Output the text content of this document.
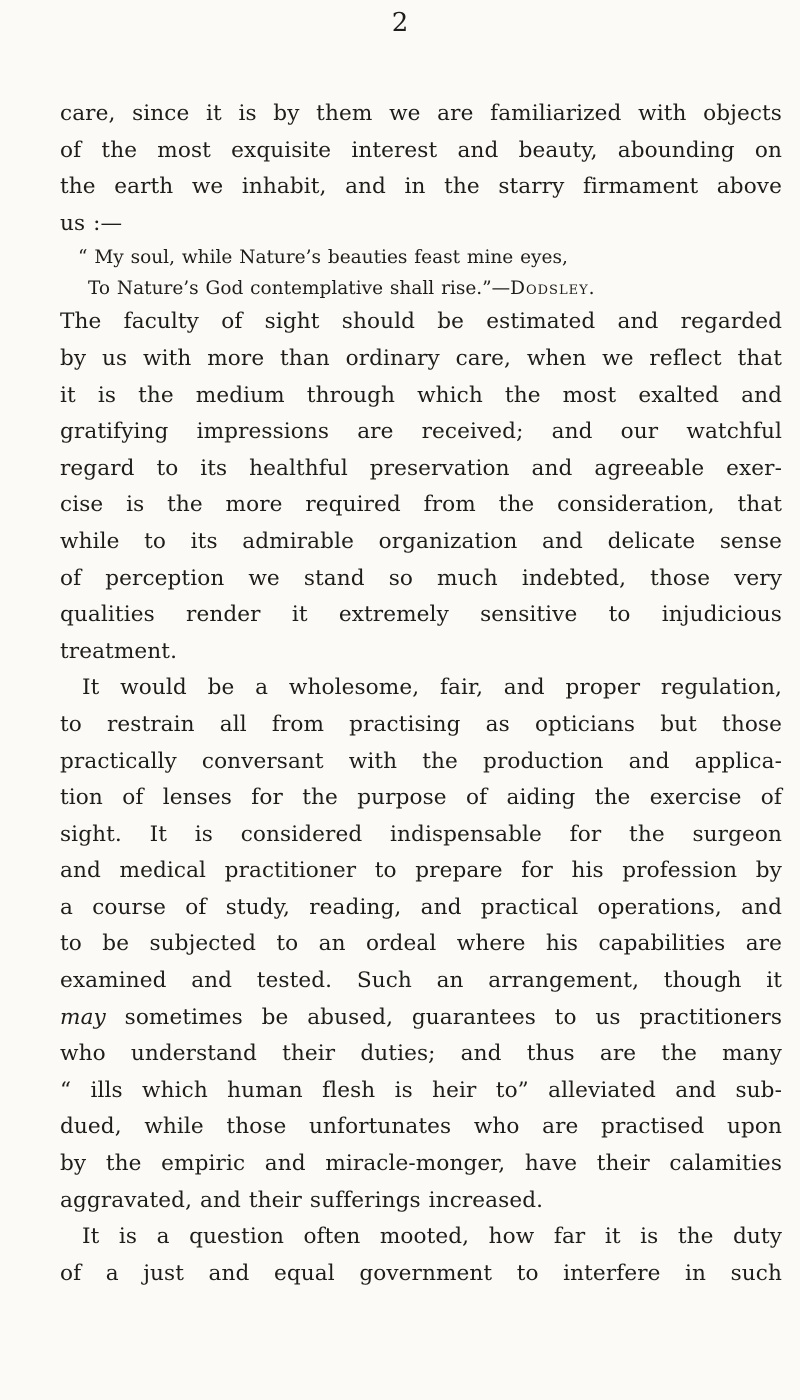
2
care, since it is by them we are familiarized with objects
of the most exquisite interest and beauty, abounding on
the earth we inhabit, and in the starry firmament above
us :—
“ My soul, while Nature’s beauties feast mine eyes,
To Nature’s God contemplative shall rise.”—Dodsley.
The faculty of sight should be estimated and regarded
by us with more than ordinary care, when we reflect that
it is the medium through which the most exalted and
gratifying impressions are received; and our watchful
regard to its healthful preservation and agreeable exer-
cise is the more required from the consideration, that
while to its admirable organization and delicate sense
of perception we stand so much indebted, those very
qualities render it extremely sensitive to injudicious
treatment.
It would be a wholesome, fair, and proper regulation,
to restrain all from practising as opticians but those
practically conversant with the production and applica-
tion of lenses for the purpose of aiding the exercise of
sight. It is considered indispensable for the surgeon
and medical practitioner to prepare for his profession by
a course of study, reading, and practical operations, and
to be subjected to an ordeal where his capabilities are
examined and tested. Such an arrangement, though it
may sometimes be abused, guarantees to us practitioners
who understand their duties; and thus are the many
“ ills which human flesh is heir to” alleviated and sub-
dued, while those unfortunates who are practised upon
by the empiric and miracle-monger, have their calamities
aggravated, and their sufferings increased.
It is a question often mooted, how far it is the duty
of a just and equal government to interfere in such
